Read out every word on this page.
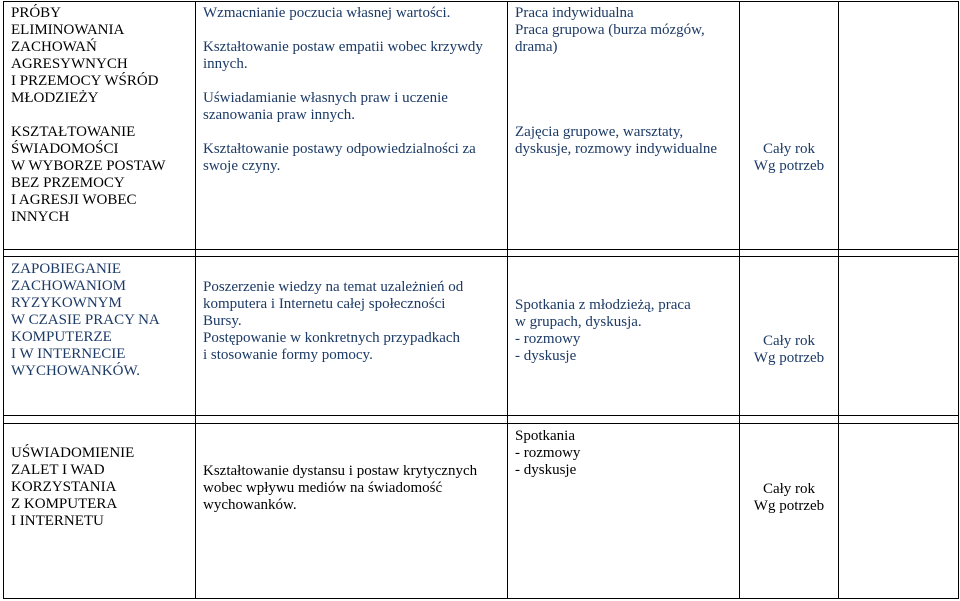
PRÓBY
ELIMINOWANIA
ZACHOWAŃ
AGRESYWNYCH
I PRZEMOCY WŚRÓD
MŁODZIEŻY
KSZTAŁTOWANIE
ŚWIADOMOŚCI
W WYBORZE POSTAW
BEZ PRZEMOCY
I AGRESJI WOBEC
INNYCH
Wzmacnianie poczucia własnej wartości.
Kształtowanie postaw empatii wobec krzywdy
innych.
Uświadamianie własnych praw i uczenie
szanowania praw innych.
Kształtowanie postawy odpowiedzialności za
swoje czyny.
Praca indywidualna
Praca grupowa (burza mózgów,
drama)
Zajęcia grupowe, warsztaty,
dyskusje, rozmowy indywidualne	Cały rok
Wg potrzeb
ZAPOBIEGANIE
ZACHOWANIOM
RYZYKOWNYM
W CZASIE PRACY NA
KOMPUTERZE
I W INTERNECIE
WYCHOWANKÓW.
Poszerzenie wiedzy na temat uzależnień od
komputera i Internetu całej społeczności
Bursy.
Postępowanie w konkretnych przypadkach
i stosowanie formy pomocy.
Spotkania z młodzieżą, praca
w grupach, dyskusja.
- rozmowy
- dyskusje
Cały rok
Wg potrzeb
UŚWIADOMIENIE
ZALET I WAD
KORZYSTANIA
Z KOMPUTERA
I INTERNETU
Kształtowanie dystansu i postaw krytycznych
wobec wpływu mediów na świadomość
wychowanków.
Spotkania
- rozmowy
- dyskusje
Cały rok
Wg potrzeb
